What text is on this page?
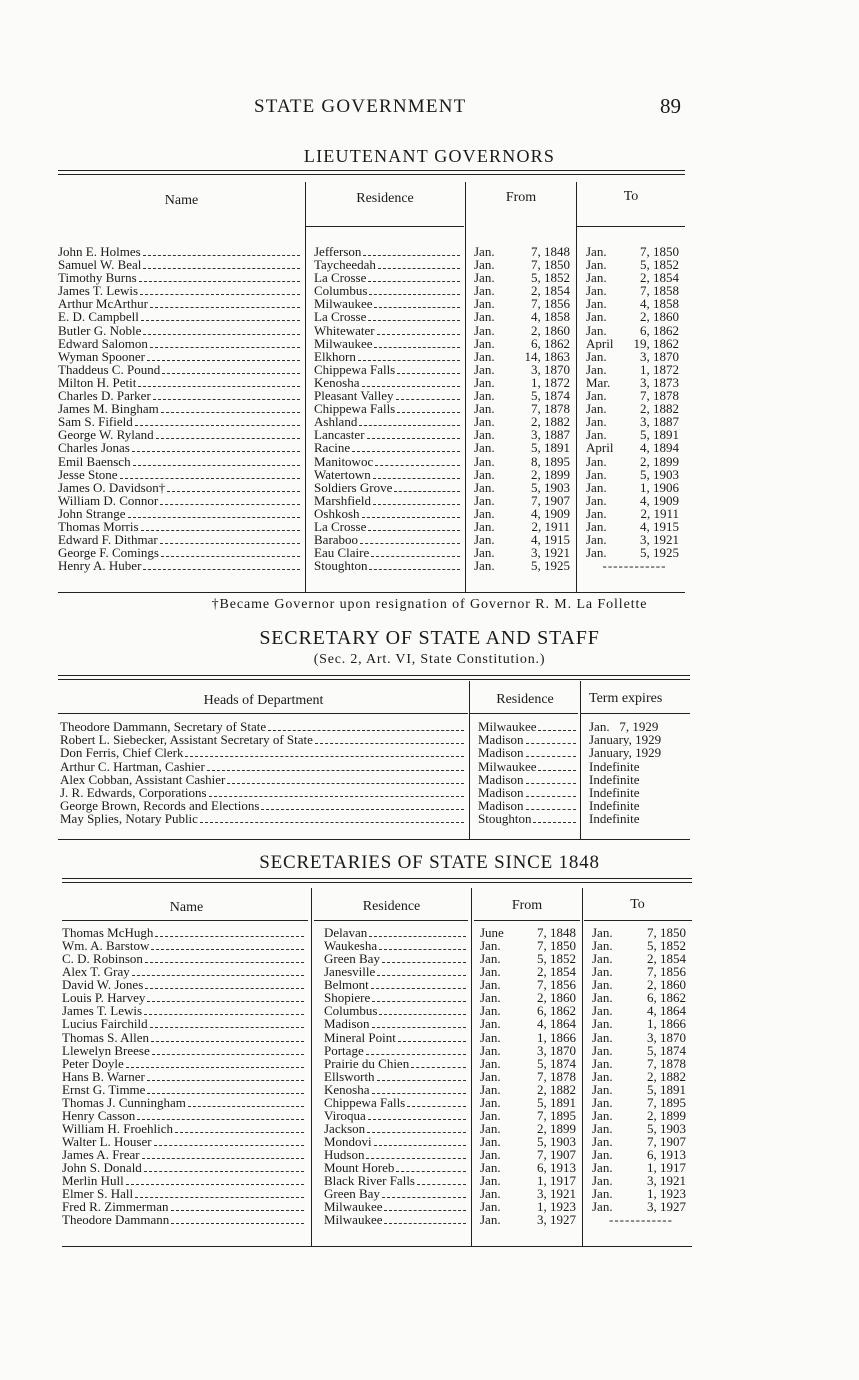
STATE GOVERNMENT	89
LIEUTENANT GOVERNORS
Name	Residence	From	To
John E. Holmes	Jefferson	Jan.	7, 1848	Jan.	7, 1850
Samuel W. Beal	Taycheedah	Jan.	7, 1850	Jan.	5, 1852
Timothy Burns	La Crosse	Jan.	5, 1852	Jan.	2, 1854
James T. Lewis	Columbus	Jan.	2, 1854	Jan.	7, 1858
Arthur McArthur	Milwaukee	Jan.	7, 1856	Jan.	4, 1858
E. D. Campbell	La Crosse	Jan.	4, 1858	Jan.	2, 1860
Butler G. Noble	Whitewater	Jan.	2, 1860	Jan.	6, 1862
Edward Salomon	Milwaukee	Jan.	6, 1862	April	19, 1862
Wyman Spooner	Elkhorn	Jan.	14, 1863	Jan.	3, 1870
Thaddeus C. Pound	Chippewa Falls	Jan.	3, 1870	Jan.	1, 1872
Milton H. Petit	Kenosha	Jan.	1, 1872	Mar.	3, 1873
Charles D. Parker	Pleasant Valley	Jan.	5, 1874	Jan.	7, 1878
James M. Bingham	Chippewa Falls	Jan.	7, 1878	Jan.	2, 1882
Sam S. Fifield	Ashland	Jan.	2, 1882	Jan.	3, 1887
George W. Ryland	Lancaster	Jan.	3, 1887	Jan.	5, 1891
Charles Jonas	Racine	Jan.	5, 1891	April	4, 1894
Emil Baensch	Manitowoc	Jan.	8, 1895	Jan.	2, 1899
Jesse Stone	Watertown	Jan.	2, 1899	Jan.	5, 1903
James O. Davidson†	Soldiers Grove	Jan.	5, 1903	Jan.	1, 1906
William D. Connor	Marshfield	Jan.	7, 1907	Jan.	4, 1909
John Strange	Oshkosh	Jan.	4, 1909	Jan.	2, 1911
Thomas Morris	La Crosse	Jan.	2, 1911	Jan.	4, 1915
Edward F. Dithmar	Baraboo	Jan.	4, 1915	Jan.	3, 1921
George F. Comings	Eau Claire	Jan.	3, 1921	Jan.	5, 1925
Henry A. Huber	Stoughton	Jan.	5, 1925	------------
†Became Governor upon resignation of Governor R. M. La Follette
SECRETARY OF STATE AND STAFF
(Sec. 2, Art. VI, State Constitution.)
Heads of Department	Residence	Term expires
Theodore Dammann, Secretary of State	Milwaukee	Jan.   7, 1929
Robert L. Siebecker, Assistant Secretary of State	Madison	January, 1929
Don Ferris, Chief Clerk	Madison	January, 1929
Arthur C. Hartman, Cashier	Milwaukee	Indefinite
Alex Cobban, Assistant Cashier	Madison	Indefinite
J. R. Edwards, Corporations	Madison	Indefinite
George Brown, Records and Elections	Madison	Indefinite
May Splies, Notary Public	Stoughton	Indefinite
SECRETARIES OF STATE SINCE 1848
Name	Residence	From	To
Thomas McHugh	Delavan	June	7, 1848	Jan.	7, 1850
Wm. A. Barstow	Waukesha	Jan.	7, 1850	Jan.	5, 1852
C. D. Robinson	Green Bay	Jan.	5, 1852	Jan.	2, 1854
Alex T. Gray	Janesville	Jan.	2, 1854	Jan.	7, 1856
David W. Jones	Belmont	Jan.	7, 1856	Jan.	2, 1860
Louis P. Harvey	Shopiere	Jan.	2, 1860	Jan.	6, 1862
James T. Lewis	Columbus	Jan.	6, 1862	Jan.	4, 1864
Lucius Fairchild	Madison	Jan.	4, 1864	Jan.	1, 1866
Thomas S. Allen	Mineral Point	Jan.	1, 1866	Jan.	3, 1870
Llewelyn Breese	Portage	Jan.	3, 1870	Jan.	5, 1874
Peter Doyle	Prairie du Chien	Jan.	5, 1874	Jan.	7, 1878
Hans B. Warner	Ellsworth	Jan.	7, 1878	Jan.	2, 1882
Ernst G. Timme	Kenosha	Jan.	2, 1882	Jan.	5, 1891
Thomas J. Cunningham	Chippewa Falls	Jan.	5, 1891	Jan.	7, 1895
Henry Casson	Viroqua	Jan.	7, 1895	Jan.	2, 1899
William H. Froehlich	Jackson	Jan.	2, 1899	Jan.	5, 1903
Walter L. Houser	Mondovi	Jan.	5, 1903	Jan.	7, 1907
James A. Frear	Hudson	Jan.	7, 1907	Jan.	6, 1913
John S. Donald	Mount Horeb	Jan.	6, 1913	Jan.	1, 1917
Merlin Hull	Black River Falls	Jan.	1, 1917	Jan.	3, 1921
Elmer S. Hall	Green Bay	Jan.	3, 1921	Jan.	1, 1923
Fred R. Zimmerman	Milwaukee	Jan.	1, 1923	Jan.	3, 1927
Theodore Dammann	Milwaukee	Jan.	3, 1927	------------
